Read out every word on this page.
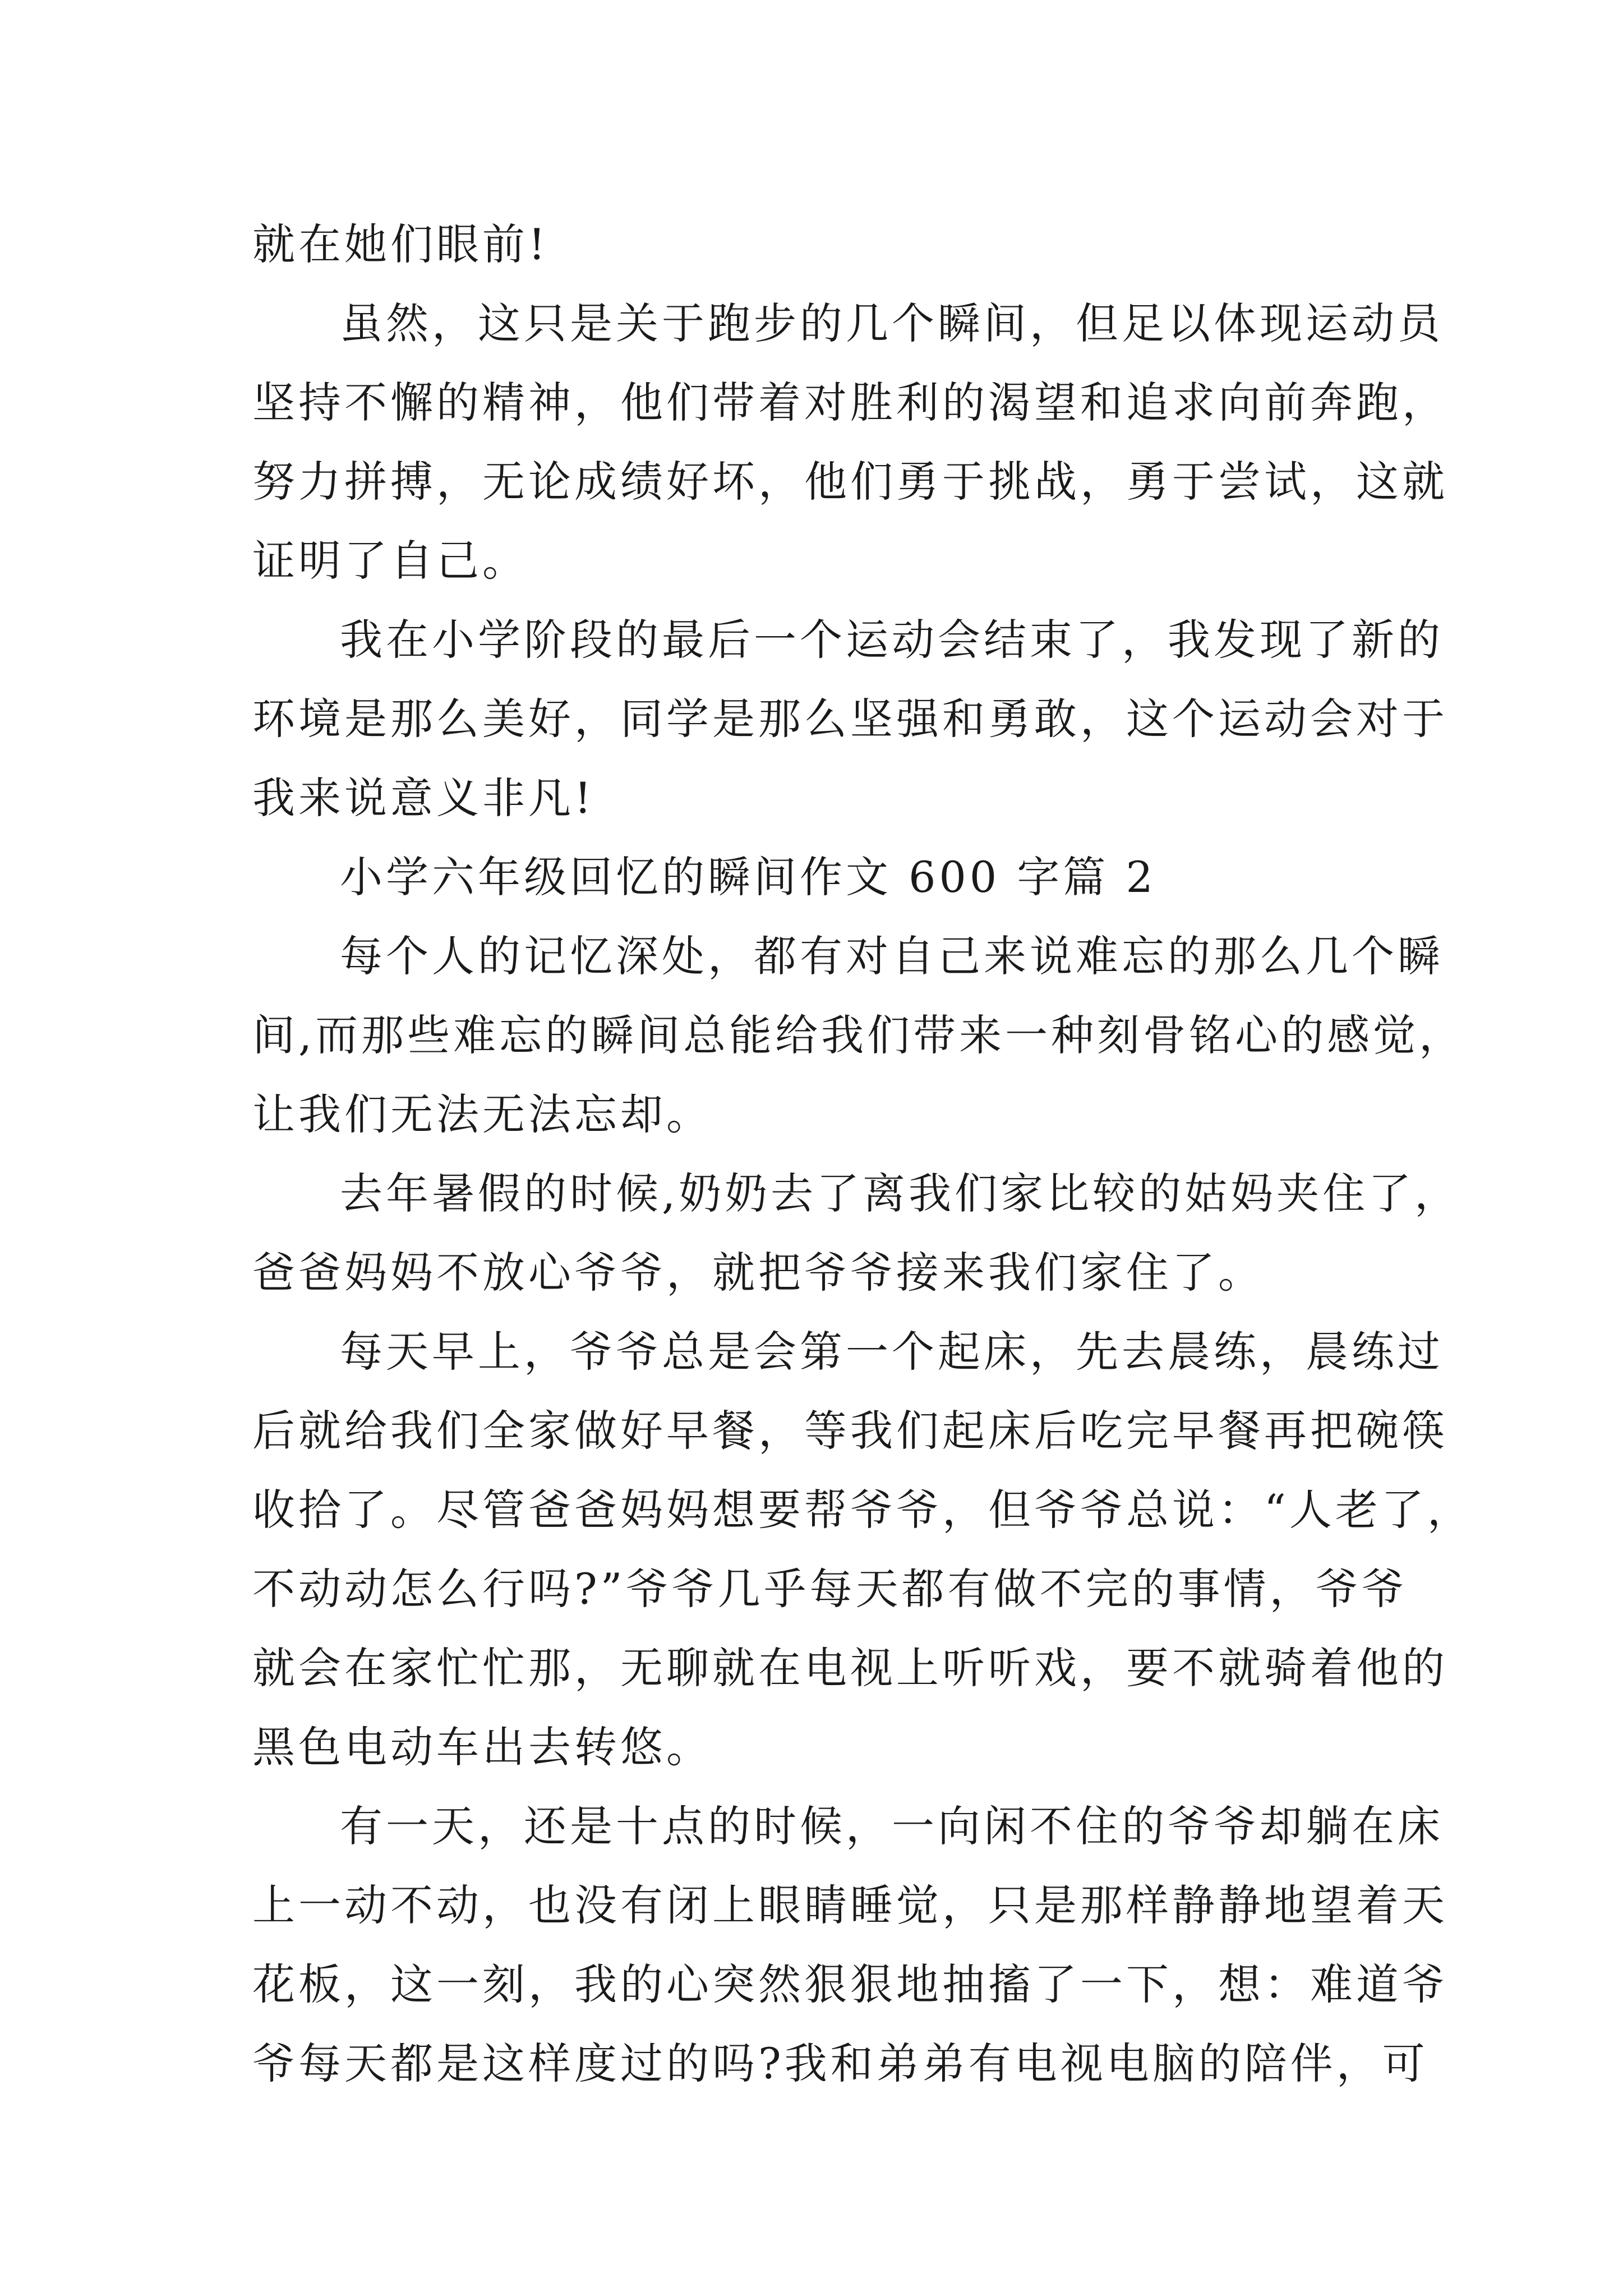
就在她们眼前!
虽然，这只是关于跑步的几个瞬间，但足以体现运动员
坚持不懈的精神，他们带着对胜利的渴望和追求向前奔跑，
努力拼搏，无论成绩好坏，他们勇于挑战，勇于尝试，这就
证明了自己。
我在小学阶段的最后一个运动会结束了，我发现了新的
环境是那么美好，同学是那么坚强和勇敢，这个运动会对于
我来说意义非凡!
小学六年级回忆的瞬间作文 600 字篇 2
每个人的记忆深处，都有对自己来说难忘的那么几个瞬
间,而那些难忘的瞬间总能给我们带来一种刻骨铭心的感觉，
让我们无法无法忘却。
去年暑假的时候,奶奶去了离我们家比较的姑妈夹住了，
爸爸妈妈不放心爷爷，就把爷爷接来我们家住了。
每天早上，爷爷总是会第一个起床，先去晨练，晨练过
后就给我们全家做好早餐，等我们起床后吃完早餐再把碗筷
收拾了。尽管爸爸妈妈想要帮爷爷，但爷爷总说：“人老了，
不动动怎么行吗?”爷爷几乎每天都有做不完的事情，爷爷
就会在家忙忙那，无聊就在电视上听听戏，要不就骑着他的
黑色电动车出去转悠。
有一天，还是十点的时候，一向闲不住的爷爷却躺在床
上一动不动，也没有闭上眼睛睡觉，只是那样静静地望着天
花板，这一刻，我的心突然狠狠地抽搐了一下，想：难道爷
爷每天都是这样度过的吗?我和弟弟有电视电脑的陪伴，可
